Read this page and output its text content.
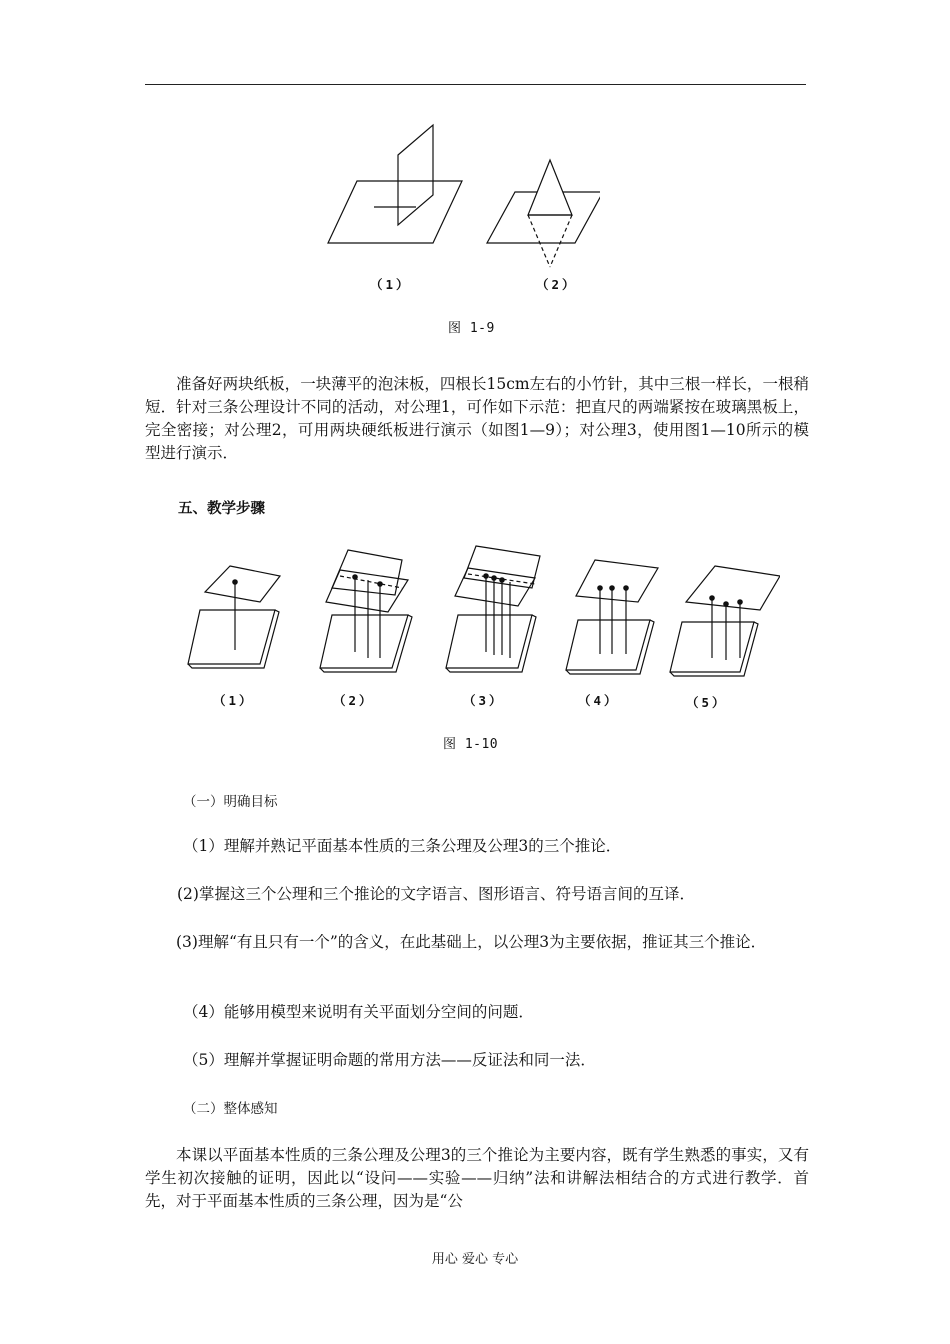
（1）	（2）
图 1-9

准备好两块纸板，一块薄平的泡沫板，四根长15cm左右的小竹针，其中三根一样长，一根稍短．针对三条公理设计不同的活动，对公理1，可作如下示范：把直尺的两端紧按在玻璃黑板上，完全密接；对公理2，可用两块硬纸板进行演示（如图1—9）；对公理3，使用图1—10所示的模型进行演示．

五、教学步骤
（1）	（2）	（3）	（4）	（5）
图 1-10
（一）明确目标
（1）理解并熟记平面基本性质的三条公理及公理3的三个推论．
(2)掌握这三个公理和三个推论的文字语言、图形语言、符号语言间的互译．

(3)理解“有且只有一个”的含义，在此基础上，以公理3为主要依据，推证其三个推论．

（4）能够用模型来说明有关平面划分空间的问题．
（5）理解并掌握证明命题的常用方法——反证法和同一法．
（二）整体感知

本课以平面基本性质的三条公理及公理3的三个推论为主要内容，既有学生熟悉的事实，又有学生初次接触的证明，因此以“设问——实验——归纳”法和讲解法相结合的方式进行教学．首先，对于平面基本性质的三条公理，因为是“公

用心 爱心 专心
